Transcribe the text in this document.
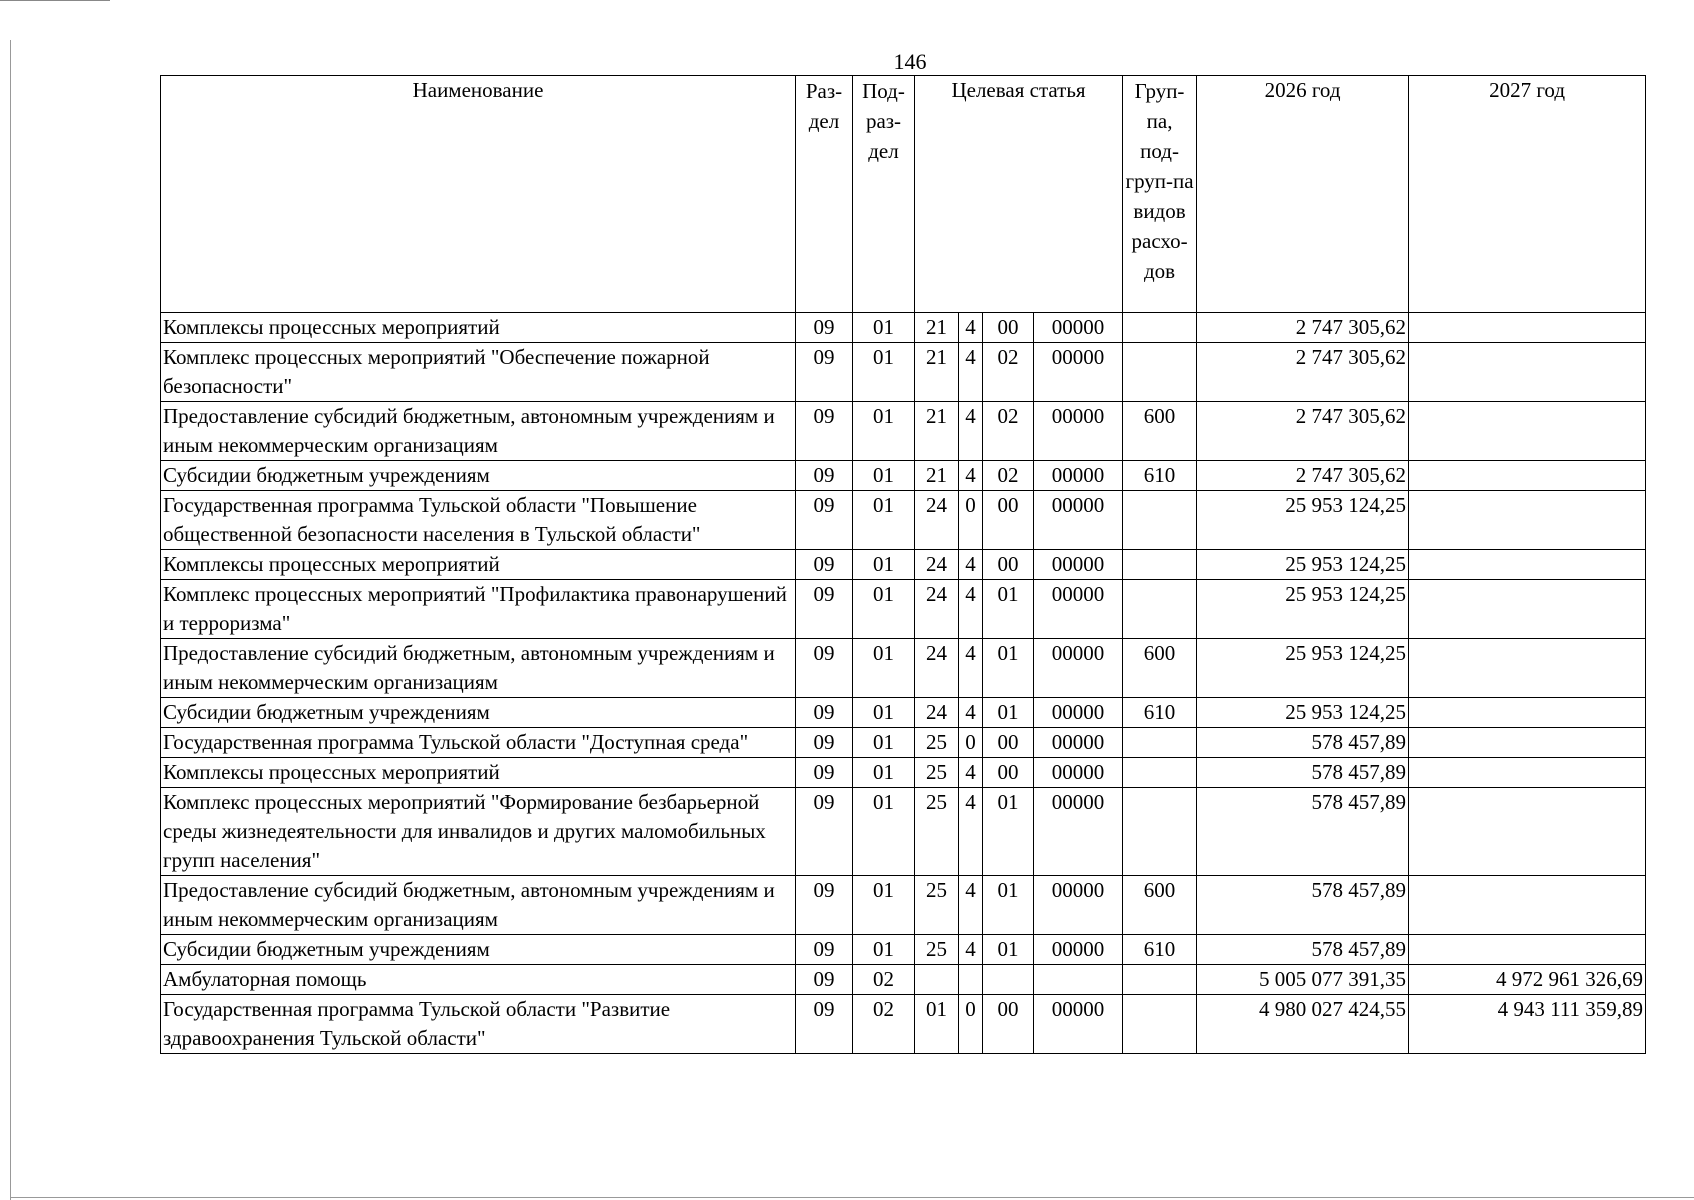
146
Наименование	Раз-дел	Под-раз-дел	Целевая статья				Груп-па, под-груп-па видов расхо-дов	2026 год	2027 год
Комплексы процессных мероприятий	09	01	21	4	00	00000		2 747 305,62	
Комплекс процессных мероприятий "Обеспечение пожарной безопасности"	09	01	21	4	02	00000		2 747 305,62	
Предоставление субсидий бюджетным, автономным учреждениям и иным некоммерческим организациям	09	01	21	4	02	00000	600	2 747 305,62	
Субсидии бюджетным учреждениям	09	01	21	4	02	00000	610	2 747 305,62	
Государственная программа Тульской области "Повышение общественной безопасности населения в Тульской области"	09	01	24	0	00	00000		25 953 124,25	
Комплексы процессных мероприятий	09	01	24	4	00	00000		25 953 124,25	
Комплекс процессных мероприятий "Профилактика правонарушений и терроризма"	09	01	24	4	01	00000		25 953 124,25	
Предоставление субсидий бюджетным, автономным учреждениям и иным некоммерческим организациям	09	01	24	4	01	00000	600	25 953 124,25	
Субсидии бюджетным учреждениям	09	01	24	4	01	00000	610	25 953 124,25	
Государственная программа Тульской области "Доступная среда"	09	01	25	0	00	00000		578 457,89	
Комплексы процессных мероприятий	09	01	25	4	00	00000		578 457,89	
Комплекс процессных мероприятий "Формирование безбарьерной среды жизнедеятельности для инвалидов и других маломобильных групп населения"	09	01	25	4	01	00000		578 457,89	
Предоставление субсидий бюджетным, автономным учреждениям и иным некоммерческим организациям	09	01	25	4	01	00000	600	578 457,89	
Субсидии бюджетным учреждениям	09	01	25	4	01	00000	610	578 457,89	
Амбулаторная помощь	09	02						5 005 077 391,35	4 972 961 326,69
Государственная программа Тульской области "Развитие здравоохранения Тульской области"	09	02	01	0	00	00000		4 980 027 424,55	4 943 111 359,89
